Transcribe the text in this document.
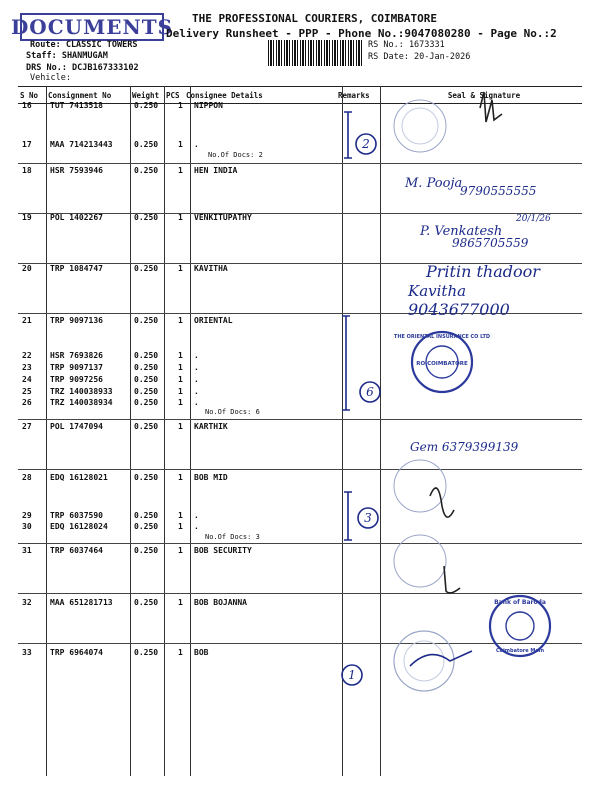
DOCUMENTS THE PROFESSIONAL COURIERS, COIMBATORE
Delivery Runsheet - PPP - Phone No.:9047080280 - Page No.:2
Route: CLASSIC TOWERS
Staff: SHANMUGAM
DRS No.: DCJB167333102
Vehicle:
RS No.: 1673331
RS Date: 20-Jan-2026
S No	Consignment No	Weight	PCS	Consignee Details	Remarks	Seal & Signature
16 TUT 7413518	0.250 1 NIPPON
17 MAA 714213443	0.250 1 .
18 HSR 7593946	0.250 1 HEN INDIA
19 POL 1402267	0.250 1 VENKITUPATHY
20 TRP 1084747	0.250 1 KAVITHA
21 TRP 9097136	0.250 1 ORIENTAL
22 HSR 7693826	0.250 1 .
23 TRP 9097137	0.250 1 .
24 TRP 9097256	0.250 1 .
25 TRZ 140038933	0.250 1 .
26 TRZ 140038934	0.250 1 .
27 POL 1747094	0.250 1 KARTHIK
28 EDQ 16128021	0.250 1 BOB MID
29 TRP 6037590	0.250 1 .
30 EDQ 16128024	0.250 1 .
31 TRP 6037464	0.250 1 BOB SECURITY
32 MAA 651281713	0.250 1 BOB BOJANNA
33 TRP 6964074	0.250 1 BOB
No.Of Docs: 2
No.Of Docs: 6
No.Of Docs: 3
2
6
3
1
THE ORIENTAL INSURANCE CO LTD
RO COIMBATORE
Bank of Baroda
Coimbatore Main
M. Pooja
9790555555
P. Venkatesh
20/1/26
9865705559
Pritin thadoor
Kavitha
9043677000
Gem 6379399139
